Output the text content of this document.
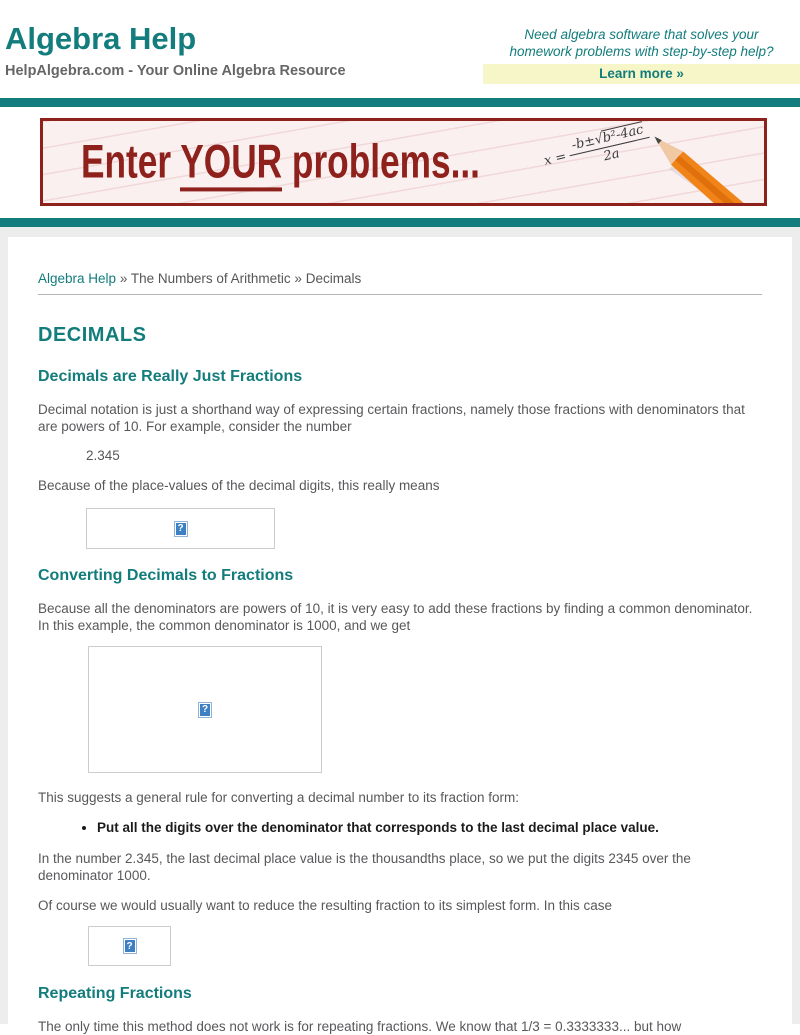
Algebra Help
HelpAlgebra.com - Your Online Algebra Resource
Need algebra software that solves your
homework problems with step-by-step help?
Learn more »
Enter YOUR problems...	x =
-b±√b²-4ac
2a
Algebra Help » The Numbers of Arithmetic » Decimals
DECIMALS
Decimals are Really Just Fractions

Decimal notation is just a shorthand way of expressing certain fractions, namely those fractions with denominators that are powers of 10. For example, consider the number

2.345

Because of the place-values of the decimal digits, this really means

?
Converting Decimals to Fractions

Because all the denominators are powers of 10, it is very easy to add these fractions by finding a common denominator. In this example, the common denominator is 1000, and we get

?

This suggests a general rule for converting a decimal number to its fraction form:

• Put all the digits over the denominator that corresponds to the last decimal place value.

In the number 2.345, the last decimal place value is the thousandths place, so we put the digits 2345 over the denominator 1000.

Of course we would usually want to reduce the resulting fraction to its simplest form. In this case

?
Repeating Fractions

The only time this method does not work is for repeating fractions. We know that 1/3 = 0.3333333... but how
